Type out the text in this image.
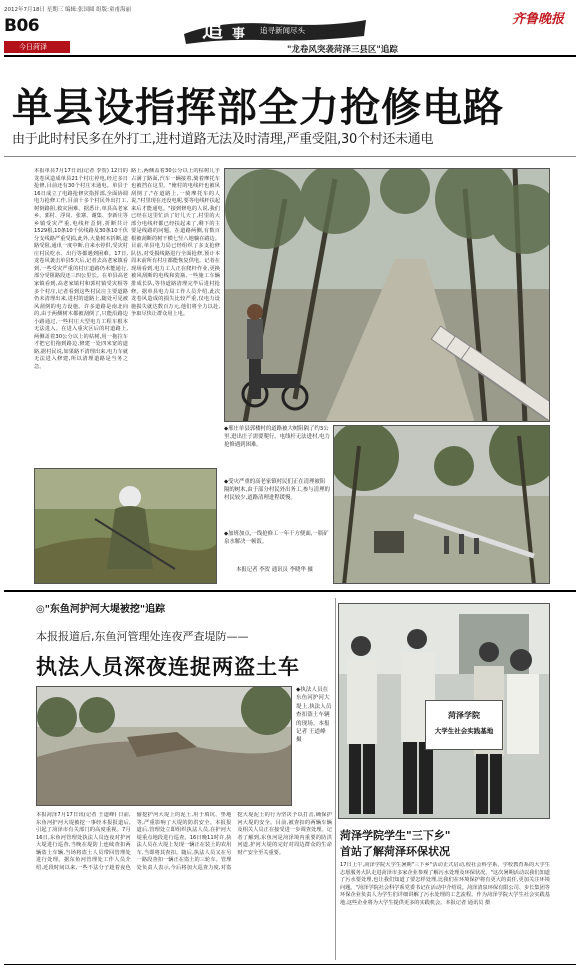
2012年7月18日 星期三 编辑:张国圆 组版:童甫海丽
B06
今日菏泽
追 事 追寻新闻尽头
"龙卷风突袭菏泽三县区"追踪
齐鲁晚报
单县设指挥部全力抢修电路
由于此时村民多在外打工,进村道路无法及时清理,严重受阻,30个村还未通电
本报单县7月17日讯(记者 李贺) 12日的龙卷风造成单县21个村庄停电,经过多日抢修,目前还有30个村庄未通电。单县于16日成立了电路抢修灾指挥部,全面协调电力抢修工作,目前十多个村民外出打工,树倒路阻,救灾困难。据悉计,单县高老家乡、郭村、浮岗、张寨、谢集、李新庄等乡镇受灾严重,电线杆歪倒,折断共计1529根,10条10千伏线路及30条10千伏分支线路严重受损,此外,大量树木折断,道路受阻,通讯一度中断,自来水停供,受灾村庄村民吃水、出行等都遇到困难。17日,龙卷风袭击单县5天后,记者去高老家镇看到,一些受灾严重的村庄道路仍未能通行,部分受阻路段还三四公里长。在单县高老家镇看到,高老家镇村和郭村镇受灾相等多个村庄,记者看到这些村民庄主要道路仍未清理出来,进村的道路上,随处可见被风刮倒的电力设施。许多道路是南北向的,由于两侧树木都被刮倒了,只能沿路边小路通过,一些村庄大型电力工程车根本无法进入。在进入重灾区后的村道路上,两侧盖着30公分以上的枯树,用一拖拉车才把它们拖到路边,修建一处四米宽的道路,据村民说,如果路不清理出来,电力车就无法进入修建,所以清理道路是当务之急。
路上,两侧盖着30公分以上的枯树几乎占满了路面,汽车一辆接着,骑着摩托车也被挡在这里。"俺村的电线杆也被风刮倒了,"在道路上,一骑摩托车的人说,"村里现在还没电呢,要等电线杆扶起来后才能通电。"接到修电的人说,我们已经在这里忙活了好几天了,村里的大部分电线杆都已经扶起来了,剩下的主要是线路的问题。在道路两侧,有数百根被刮断的树干横七竖八地躺在路边。目前,单县电力局已经组织了多支抢修队伍,对受损线路进行全面抢修,预计本周末前所有村庄都能恢复供电。记者在现场看到,电力工人正在爬杆作业,更换被风刮断的电线和瓷瓶,一些施工车辆排成长队,等待道路清理完毕后进村抢修。据单县电力局工作人员介绍,此次龙卷风造成的损失比较严重,仅电力设施损失就达数百万元,他们将全力以赴,争取尽快让群众用上电。
◆邢庄单县郭楼村的道路被大树阻隔了约3公里,进出庄子需要爬行。电线杆无法进村,电力抢修遇到困难。
◆受灾严重的高老家镇村民们正在清理被阻隔的树木,由于部分村民外出务工,参与清理的村民较少,道路清理进程缓慢。
◆加班加点,一线抢修工一年干方便面,一瓶矿泉水解决一顿饭。
本报记者 李贺 通讯员 李晓华 摄
◎"东鱼河护河大堤被挖"追踪
本报报道后,东鱼河管理处连夜严查堤防——
执法人员深夜连捉两盗土车
◆执法人员在东鱼河护河大堤上,执法人员查扣盗土车辆的现场。本报记者 王道峰 摄
本报菏泽7月17日讯(记者 王道峰) 日前,东鱼河护河大堤被挖一事经本报报道后,引起了菏泽市有关部门的高度重视。7月16日,东鱼河管理处执法人员连夜对护河大堤进行巡查,当晚在堤防上连续查扣两辆盗土车辆,当场将盗土人员带回管理处进行处理。据东鱼河管理处工作人员介绍,近段时间以来,一些不法分子趁着夜色偷挖护河大堤上的泥土,用于填坑、垫地等,严重影响了大堤的防洪安全。本报报道后,管理处立即组织执法人员,在护河大堤重点地段进行巡查。16日晚11时许,执法人员在大堤上发现一辆正在装土的农用车,当即将其查扣。随后,执法人员又在另一路段查扣一辆正在盗土的三轮车。管理处负责人表示,今后将加大巡查力度,对盗挖大堤泥土的行为坚决予以打击,确保护河大堤的安全。目前,被查扣的两辆车辆及相关人员正在接受进一步调查处理。记者了解到,东鱼河是菏泽境内重要的防洪河道,护河大堤的完好对周边群众的生命财产安全至关重要。
菏泽学院
大学生社会实践基地
菏泽学院学生"三下乡"
首站了解菏泽环保状况
17日上午,菏泽学院大学生暑期"三下乡"活动正式启动,校社会科学系、学校教育系的大学生志愿服务大队走进菏泽市多家企业参观了解污水处理及环保状况。"这次暑期活动以我们知道了污水要处理,也让我们知道了要怎样处理,比我们在环境保护将有更大的责任,更加关注环境问题。"菏泽学院社会科学系党委书记在活动中介绍说。菏泽清泉环保有限公司、步长集团等环保企业负责人为学生们详细讲解了污水处理的工艺流程。作为菏泽学院大学生社会实践基地,这些企业将为大学生提供更多的实践机会。本报记者 通讯员 摄
